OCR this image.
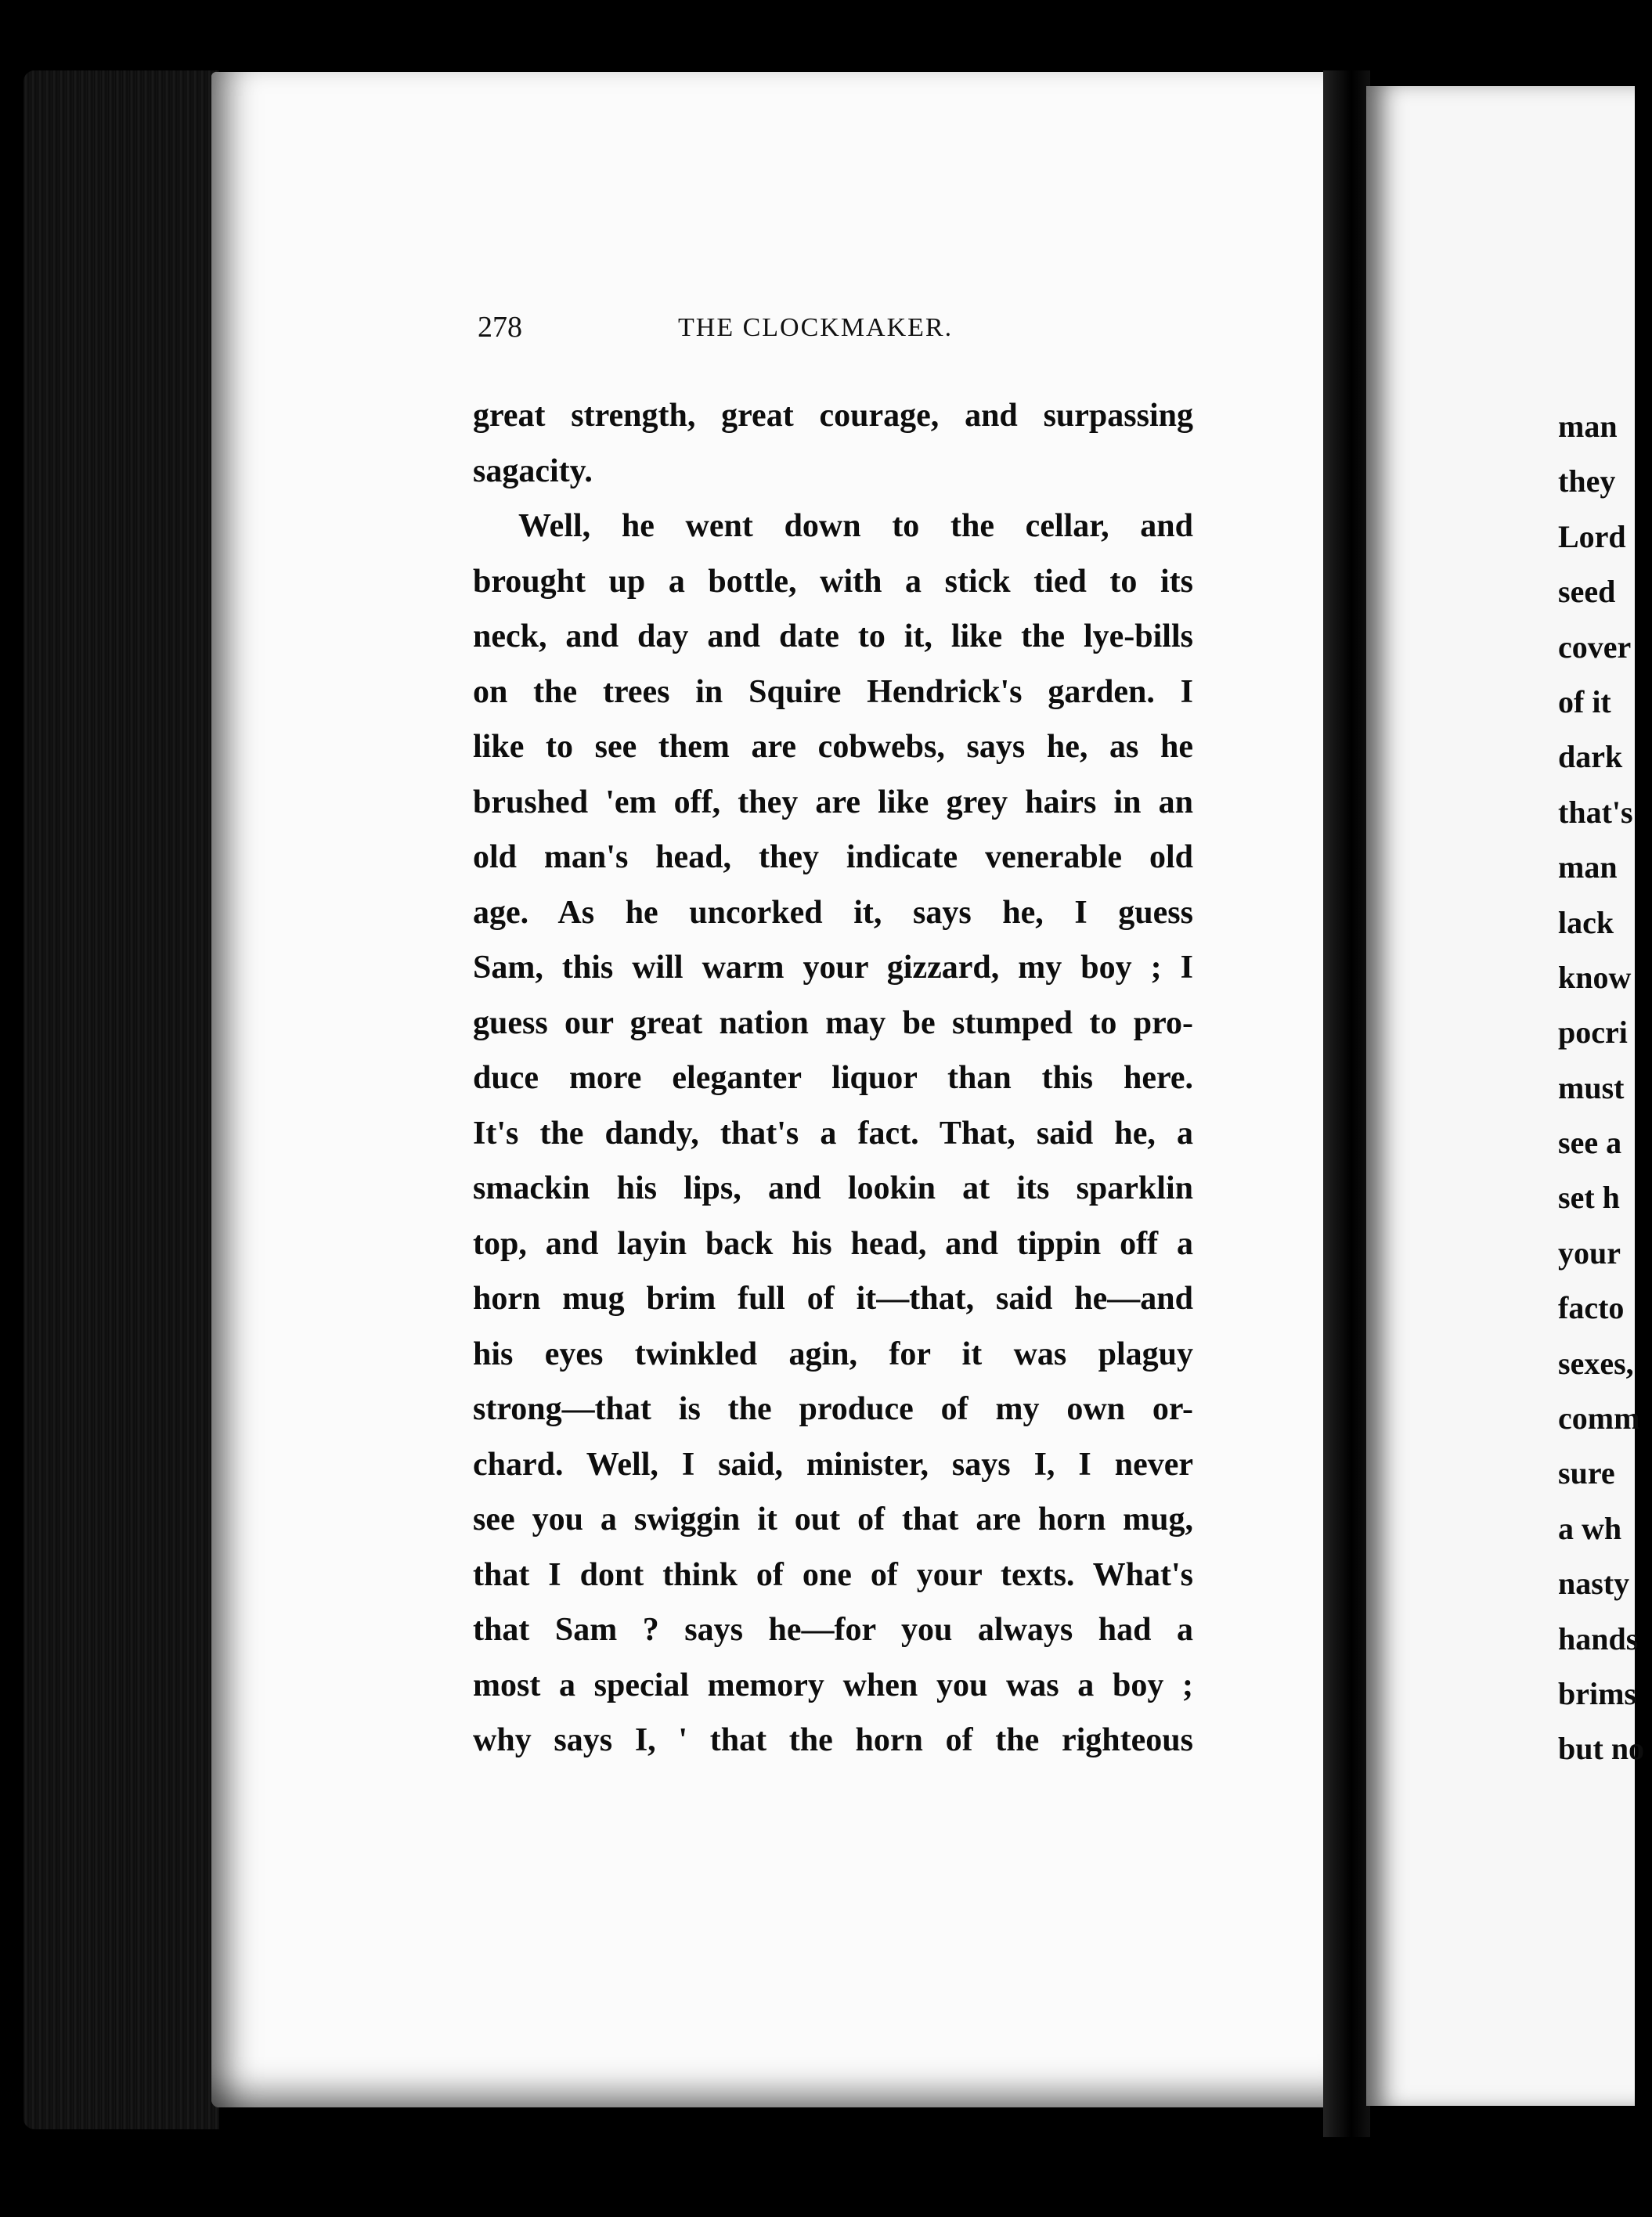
278	THE CLOCKMAKER.
great strength, great courage, and surpassing
sagacity.
Well, he went down to the cellar, and
brought up a bottle, with a stick tied to its
neck, and day and date to it, like the lye-bills
on the trees in Squire Hendrick's garden. I
like to see them are cobwebs, says he, as he
brushed 'em off, they are like grey hairs in an
old man's head, they indicate venerable old
age. As he uncorked it, says he, I guess
Sam, this will warm your gizzard, my boy ; I
guess our great nation may be stumped to pro-
duce more eleganter liquor than this here.
It's the dandy, that's a fact. That, said he, a
smackin his lips, and lookin at its sparklin
top, and layin back his head, and tippin off a
horn mug brim full of it—that, said he—and
his eyes twinkled agin, for it was plaguy
strong—that is the produce of my own or-
chard. Well, I said, minister, says I, I never
see you a swiggin it out of that are horn mug,
that I dont think of one of your texts. What's
that Sam ? says he—for you always had a
most a special memory when you was a boy ;
why says I, ' that the horn of the righteous
man
they
Lord
seed
cover
of it
dark
that's
man
lack
know
pocri
must
see a
set h
your
facto
sexes,
comm
sure
a wh
nasty
hands
brims
but no
